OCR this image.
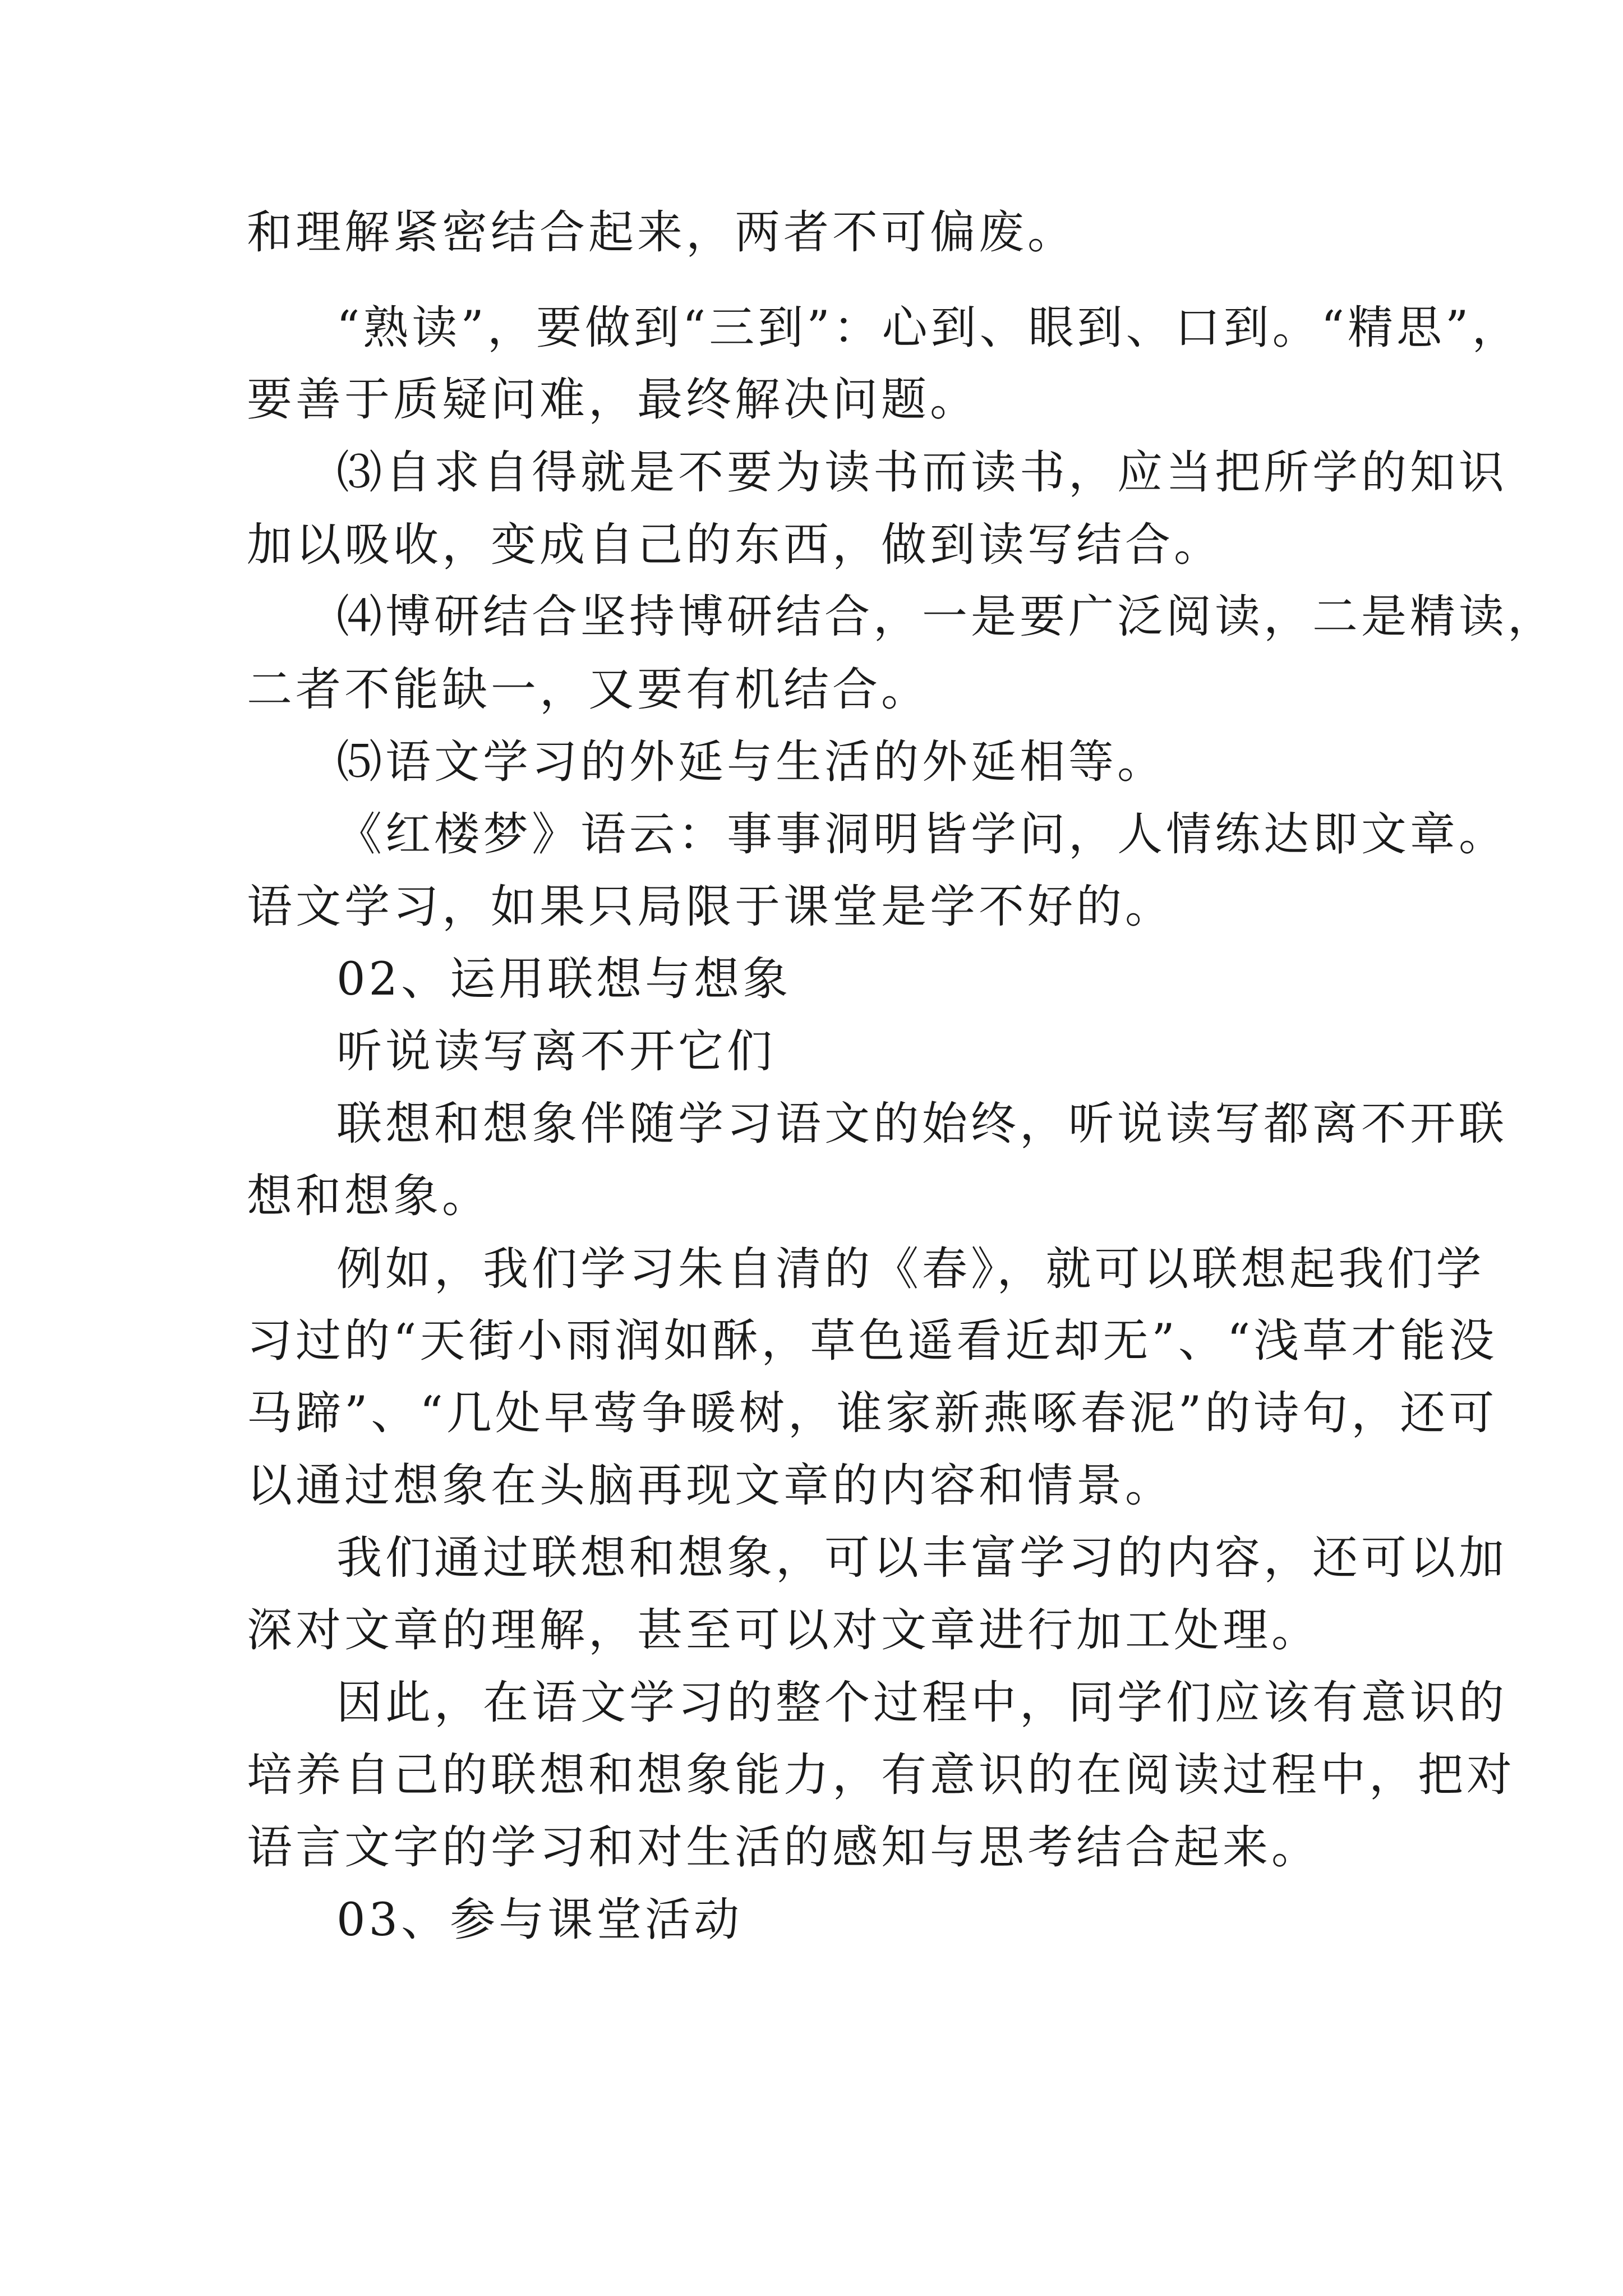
和理解紧密结合起来，两者不可偏废。
“熟读”，要做到“三到”：心到、眼到、口到。“精思”，
要善于质疑问难，最终解决问题。
⑶自求自得就是不要为读书而读书，应当把所学的知识
加以吸收，变成自己的东西，做到读写结合。
⑷博研结合坚持博研结合，一是要广泛阅读，二是精读，
二者不能缺一，又要有机结合。
⑸语文学习的外延与生活的外延相等。
《红楼梦》语云：事事洞明皆学问，人情练达即文章。
语文学习，如果只局限于课堂是学不好的。
02、运用联想与想象
听说读写离不开它们
联想和想象伴随学习语文的始终，听说读写都离不开联
想和想象。
例如，我们学习朱自清的《春》，就可以联想起我们学
习过的“天街小雨润如酥，草色遥看近却无”、“浅草才能没
马蹄”、“几处早莺争暖树，谁家新燕啄春泥”的诗句，还可
以通过想象在头脑再现文章的内容和情景。
我们通过联想和想象，可以丰富学习的内容，还可以加
深对文章的理解，甚至可以对文章进行加工处理。
因此，在语文学习的整个过程中，同学们应该有意识的
培养自己的联想和想象能力，有意识的在阅读过程中，把对
语言文字的学习和对生活的感知与思考结合起来。
03、参与课堂活动
